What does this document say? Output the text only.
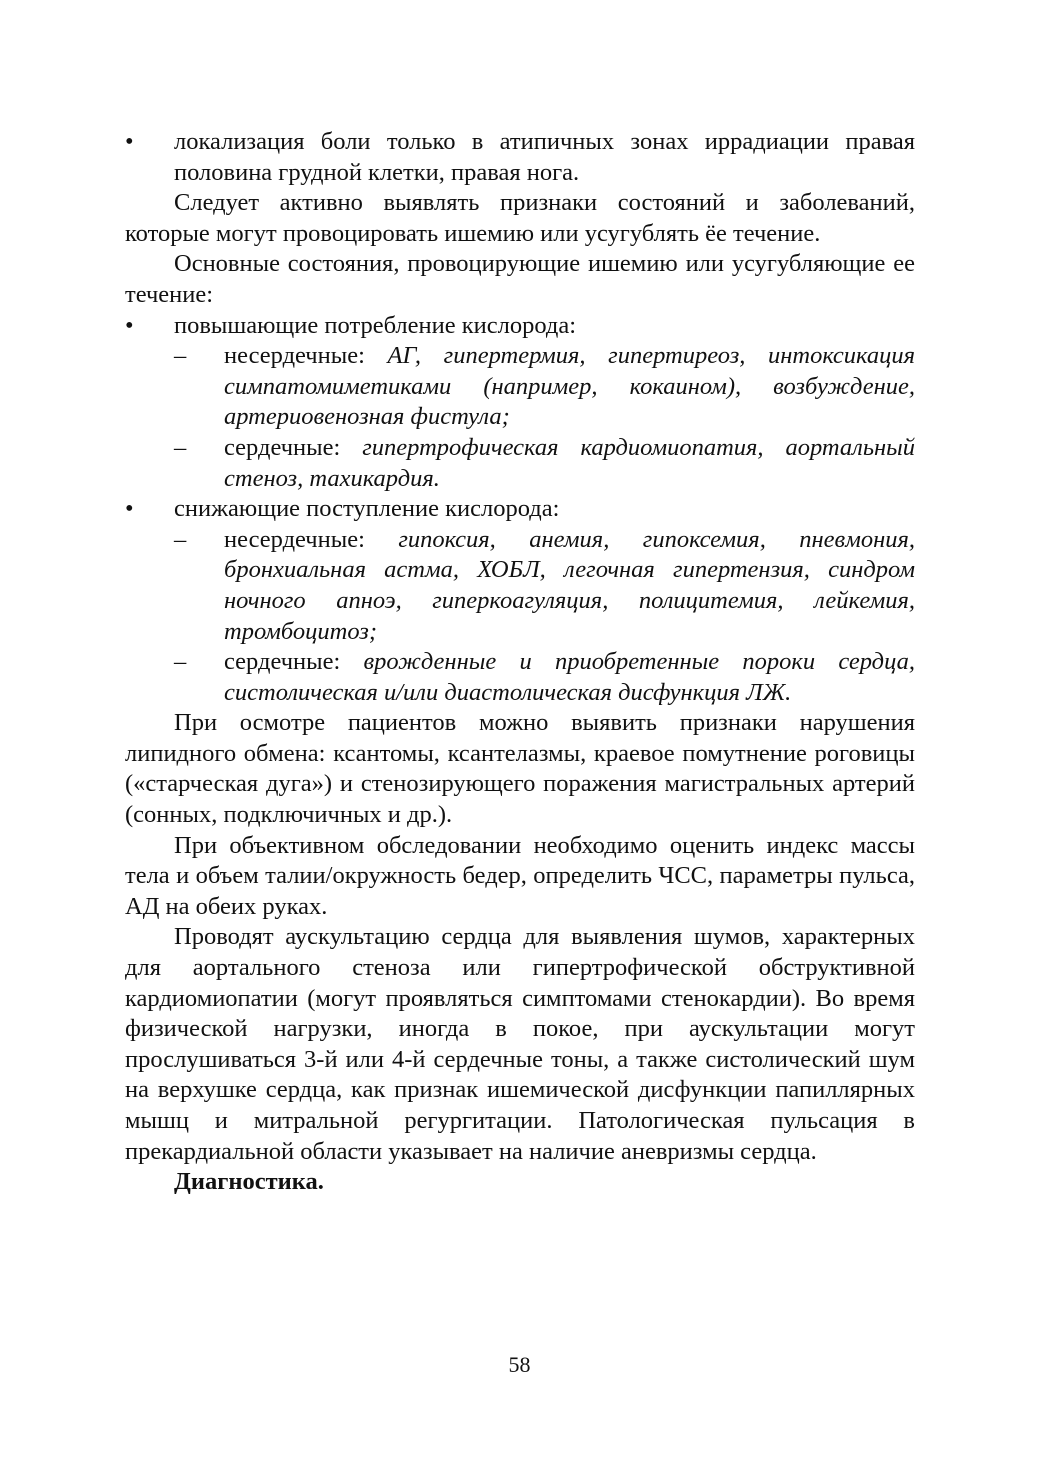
• локализация боли только в атипичных зонах иррадиации правая половина грудной клетки, правая нога.

Следует активно выявлять признаки состояний и заболеваний, которые могут провоцировать ишемию или усугублять ёе течение.

Основные состояния, провоцирующие ишемию или усугубляющие ее течение:

• повышающие потребление кислорода:
– несердечные: АГ, гипертермия, гипертиреоз, интоксикация симпатомиметиками (например, кокаином), возбуждение, артериовенозная фистула;
– сердечные: гипертрофическая кардиомиопатия, аортальный стеноз, тахикардия.
• снижающие поступление кислорода:
– несердечные: гипоксия, анемия, гипоксемия, пневмония, бронхиальная астма, ХОБЛ, легочная гипертензия, синдром ночного апноэ, гиперкоагуляция, полицитемия, лейкемия, тромбоцитоз;
– сердечные: врожденные и приобретенные пороки сердца, систолическая и/или диастолическая дисфункция ЛЖ.

При осмотре пациентов можно выявить признаки нарушения липидного обмена: ксантомы, ксантелазмы, краевое помутнение роговицы («старческая дуга») и стенозирующего поражения магистральных артерий (сонных, подключичных и др.).

При объективном обследовании необходимо оценить индекс массы тела и объем талии/окружность бедер, определить ЧСС, параметры пульса, АД на обеих руках.

Проводят аускультацию сердца для выявления шумов, характерных для аортального стеноза или гипертрофической обструктивной кардиомиопатии (могут проявляться симптомами стенокардии). Во время физической нагрузки, иногда в покое, при аускультации могут прослушиваться 3-й или 4-й сердечные тоны, а также систолический шум на верхушке сердца, как признак ишемической дисфункции папиллярных мышц и митральной регургитации. Патологическая пульсация в прекардиальной области указывает на наличие аневризмы сердца.

Диагностика.

58
